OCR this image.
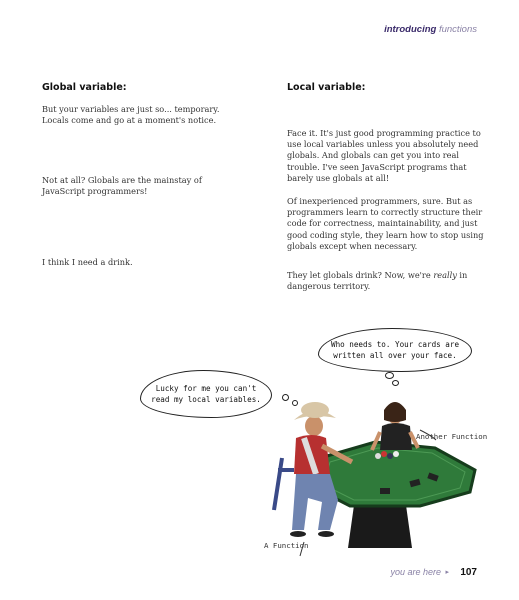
introducing functions
Global variable:

But your variables are just so... temporary. Locals come and go at a moment's notice.

Not at all? Globals are the mainstay of JavaScript programmers!

I think I need a drink.

Local variable:

Face it. It's just good programming practice to use local variables unless you absolutely need globals. And globals can get you into real trouble. I've seen JavaScript programs that barely use globals at all!

Of inexperienced programmers, sure. But as programmers learn to correctly structure their code for correctness, maintainability, and just good coding style, they learn how to stop using globals except when necessary.

They let globals drink? Now, we're really in dangerous territory.

Who needs to. Your cards are written all over your face.
Lucky for me you can't read my local variables.
Another Function
A Function
you are here ▸ 107
